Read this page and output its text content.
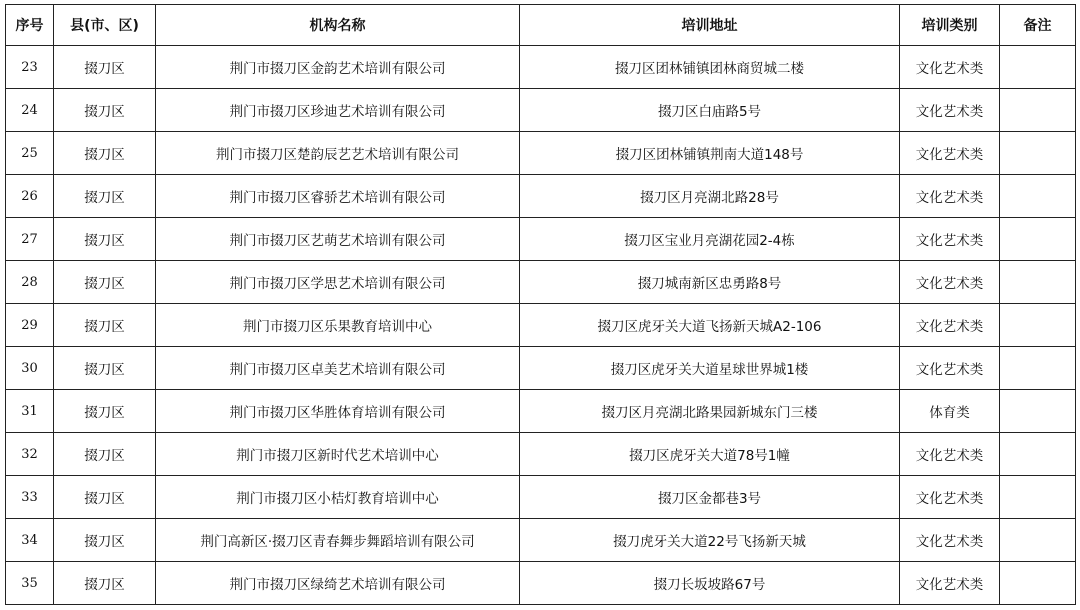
序号	县(市、区)	机构名称	培训地址	培训类别	备注
23	掇刀区	荆门市掇刀区金韵艺术培训有限公司	掇刀区团林铺镇团林商贸城二楼	文化艺术类	
24	掇刀区	荆门市掇刀区珍迪艺术培训有限公司	掇刀区白庙路5号	文化艺术类	
25	掇刀区	荆门市掇刀区楚韵辰艺艺术培训有限公司	掇刀区团林铺镇荆南大道148号	文化艺术类	
26	掇刀区	荆门市掇刀区睿骄艺术培训有限公司	掇刀区月亮湖北路28号	文化艺术类	
27	掇刀区	荆门市掇刀区艺萌艺术培训有限公司	掇刀区宝业月亮湖花园2-4栋	文化艺术类	
28	掇刀区	荆门市掇刀区学思艺术培训有限公司	掇刀城南新区忠勇路8号	文化艺术类	
29	掇刀区	荆门市掇刀区乐果教育培训中心	掇刀区虎牙关大道飞扬新天城A2-106	文化艺术类	
30	掇刀区	荆门市掇刀区卓美艺术培训有限公司	掇刀区虎牙关大道星球世界城1楼	文化艺术类	
31	掇刀区	荆门市掇刀区华胜体育培训有限公司	掇刀区月亮湖北路果园新城东门三楼	体育类	
32	掇刀区	荆门市掇刀区新时代艺术培训中心	掇刀区虎牙关大道78号1幢	文化艺术类	
33	掇刀区	荆门市掇刀区小桔灯教育培训中心	掇刀区金都巷3号	文化艺术类	
34	掇刀区	荆门高新区·掇刀区青春舞步舞蹈培训有限公司	掇刀虎牙关大道22号飞扬新天城	文化艺术类	
35	掇刀区	荆门市掇刀区绿绮艺术培训有限公司	掇刀长坂坡路67号	文化艺术类	
